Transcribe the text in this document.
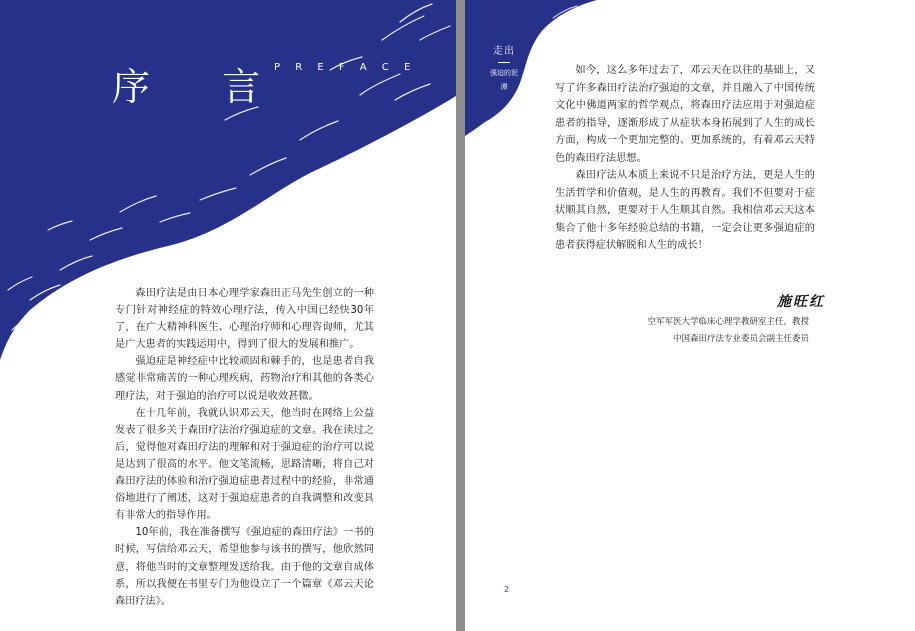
序 言
P R E F A C E

森田疗法是由日本心理学家森田正马先生创立的一种专门针对神经症的特效心理疗法，传入中国已经快30年了，在广大精神科医生、心理治疗师和心理咨询师，尤其是广大患者的实践运用中，得到了很大的发展和推广。

强迫症是神经症中比较顽固和棘手的，也是患者自我感觉非常痛苦的一种心理疾病，药物治疗和其他的各类心理疗法，对于强迫的治疗可以说是收效甚微。

在十几年前，我就认识邓云天，他当时在网络上公益发表了很多关于森田疗法治疗强迫症的文章。我在读过之后，觉得他对森田疗法的理解和对于强迫症的治疗可以说是达到了很高的水平。他文笔流畅，思路清晰，将自己对森田疗法的体验和治疗强迫症患者过程中的经验，非常通俗地进行了阐述，这对于强迫症患者的自我调整和改变具有非常大的指导作用。

10年前，我在准备撰写《强迫症的森田疗法》一书的时候，写信给邓云天，希望他参与该书的撰写，他欣然同意，将他当时的文章整理发送给我。由于他的文章自成体系，所以我便在书里专门为他设立了一个篇章《邓云天论森田疗法》。

走出
强迫的泥潭

如今，这么多年过去了，邓云天在以往的基础上，又写了许多森田疗法治疗强迫的文章，并且融入了中国传统文化中佛道两家的哲学观点，将森田疗法应用于对强迫症患者的指导，逐渐形成了从症状本身拓展到了人生的成长方面，构成一个更加完整的、更加系统的，有着邓云天特色的森田疗法思想。

森田疗法从本质上来说不只是治疗方法，更是人生的生活哲学和价值观，是人生的再教育。我们不但要对于症状顺其自然，更要对于人生顺其自然。我相信邓云天这本集合了他十多年经验总结的书籍，一定会让更多强迫症的患者获得症状解脱和人生的成长！

施旺红
空军军医大学临床心理学教研室主任，教授
中国森田疗法专业委员会副主任委员
2
